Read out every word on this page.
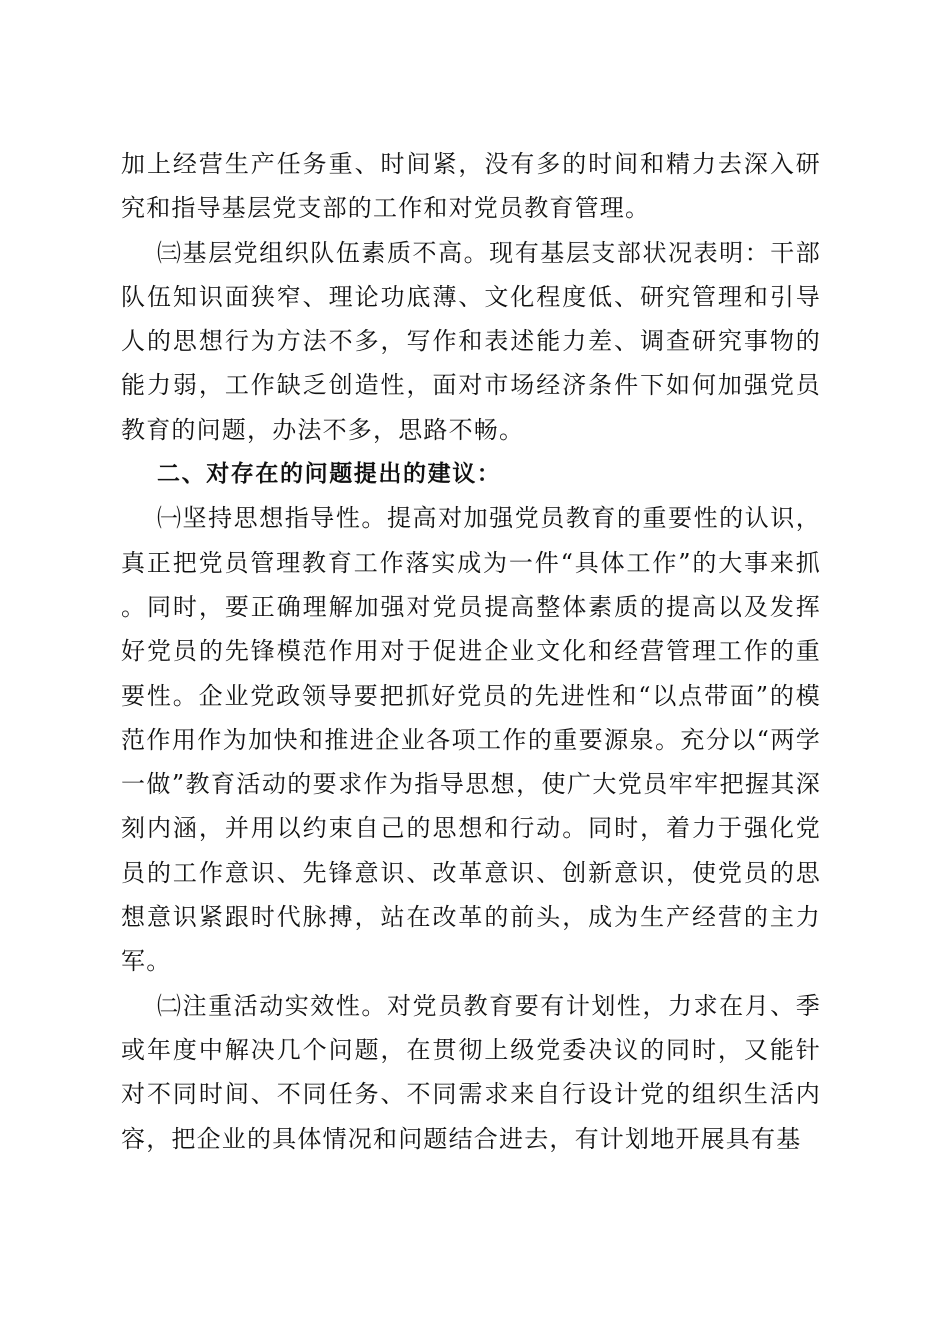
加上经营生产任务重、时间紧，没有多的时间和精力去深入研究和指导基层党支部的工作和对党员教育管理。

㈢基层党组织队伍素质不高。现有基层支部状况表明：干部队伍知识面狭窄、理论功底薄、文化程度低、研究管理和引导人的思想行为方法不多，写作和表述能力差、调查研究事物的能力弱，工作缺乏创造性，面对市场经济条件下如何加强党员教育的问题，办法不多，思路不畅。

二、对存在的问题提出的建议：

㈠坚持思想指导性。提高对加强党员教育的重要性的认识，真正把党员管理教育工作落实成为一件“具体工作”的大事来抓。同时，要正确理解加强对党员提高整体素质的提高以及发挥好党员的先锋模范作用对于促进企业文化和经营管理工作的重要性。企业党政领导要把抓好党员的先进性和“以点带面”的模范作用作为加快和推进企业各项工作的重要源泉。充分以“两学一做”教育活动的要求作为指导思想，使广大党员牢牢把握其深刻内涵，并用以约束自己的思想和行动。同时，着力于强化党员的工作意识、先锋意识、改革意识、创新意识，使党员的思想意识紧跟时代脉搏，站在改革的前头，成为生产经营的主力军。

㈡注重活动实效性。对党员教育要有计划性，力求在月、季或年度中解决几个问题，在贯彻上级党委决议的同时，又能针对不同时间、不同任务、不同需求来自行设计党的组织生活内容，把企业的具体情况和问题结合进去，有计划地开展具有基
